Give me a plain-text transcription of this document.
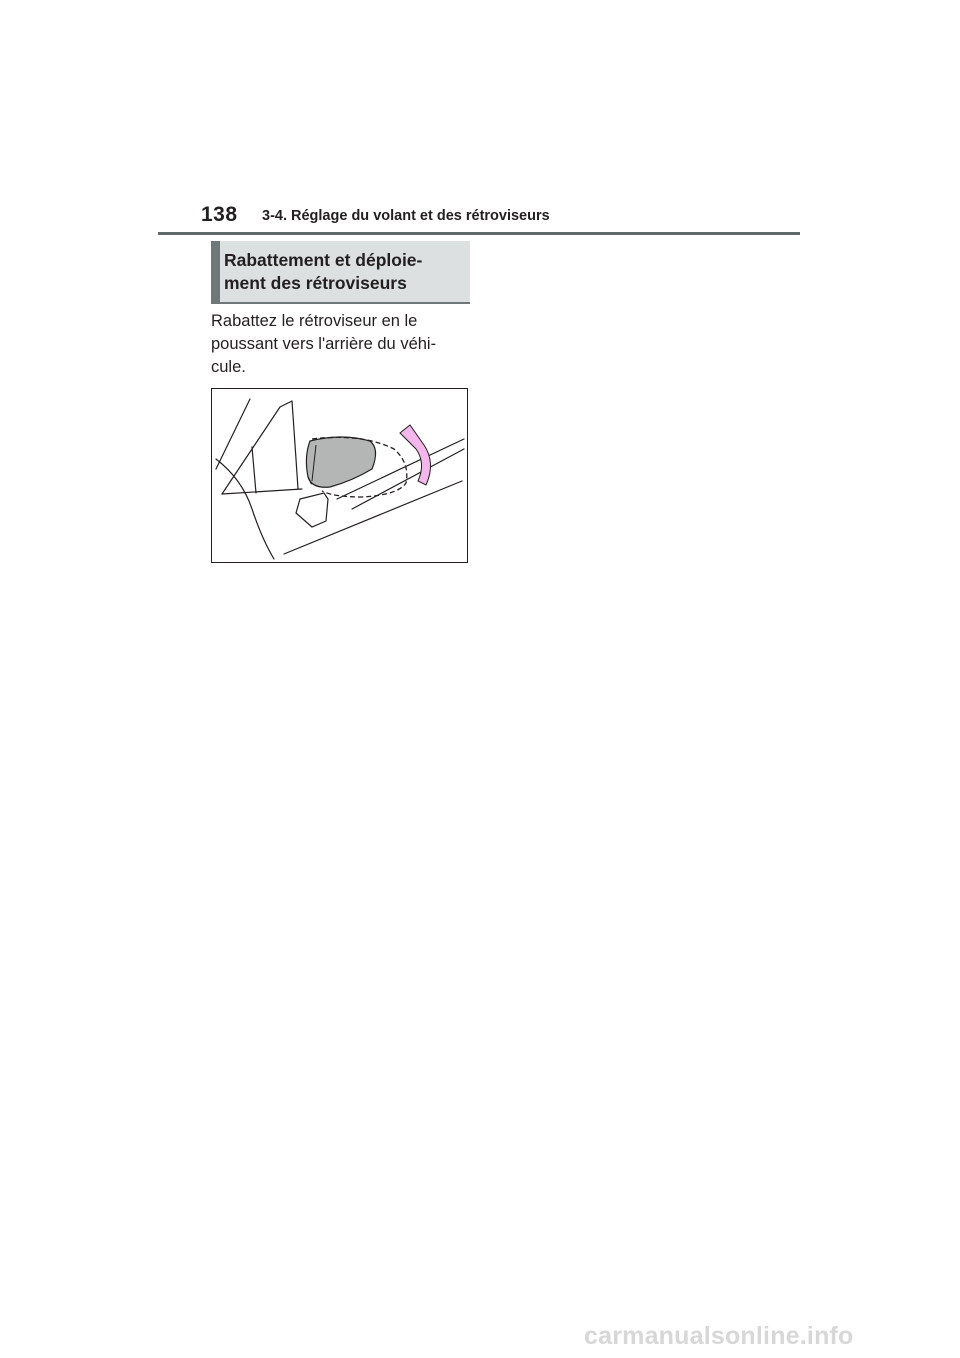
138 3-4. Réglage du volant et des rétroviseurs
Rabattement et déploie-
ment des rétroviseurs
Rabattez le rétroviseur en le
poussant vers l'arrière du véhi-
cule.
carmanualsonline.info
